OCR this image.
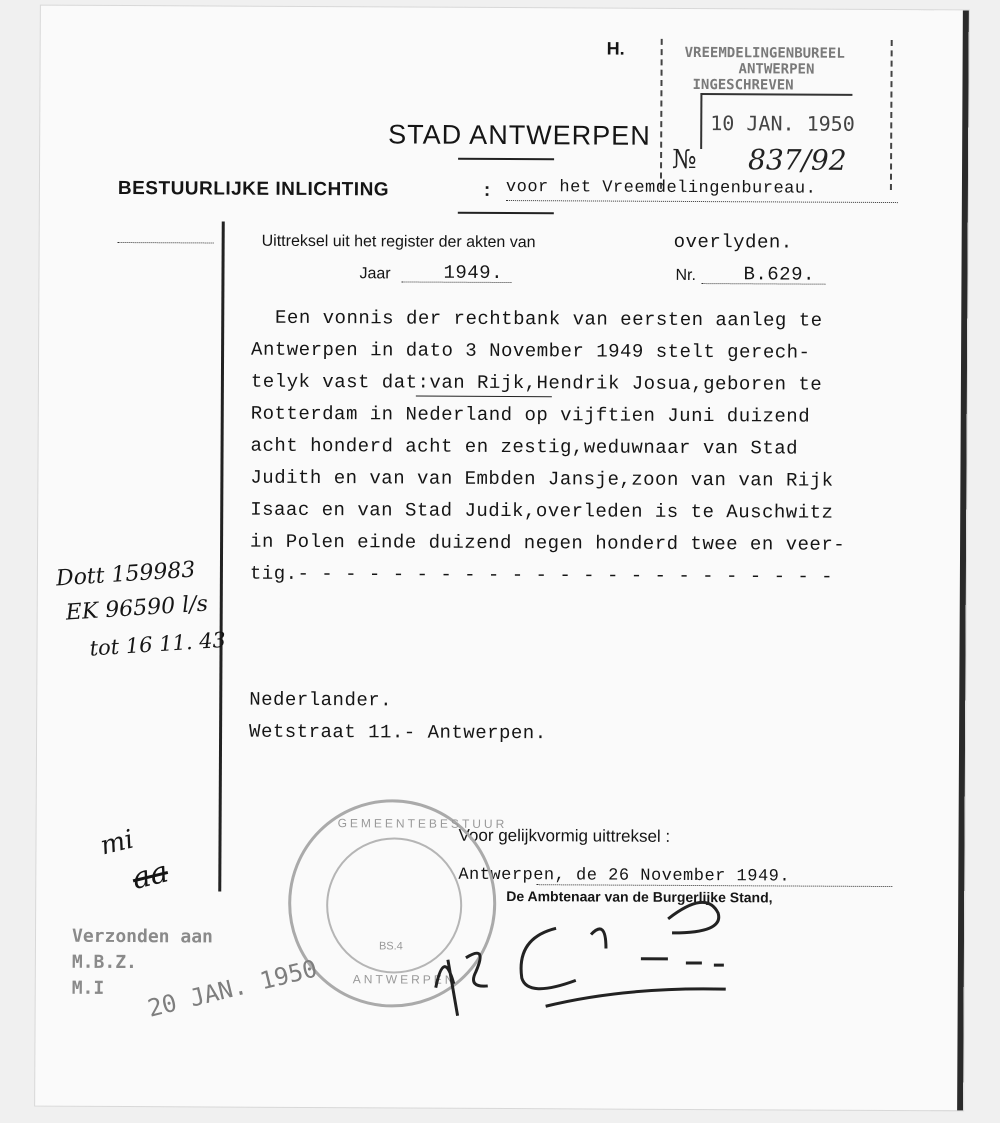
VREEMDELINGENBUREEL
ANTWERPEN
INGESCHREVEN
10 JAN. 1950
№ 837/92
H.
STAD ANTWERPEN
BESTUURLIJKE INLICHTING	: voor het Vreemdelingenbureau.
Uittreksel uit het register der akten van	overlyden.
Jaar	1949.	Nr. B.629.
Een vonnis der rechtbank van eersten aanleg te
Antwerpen in dato 3 November 1949 stelt gerech-
telyk vast dat:van Rijk,Hendrik Josua,geboren te
Rotterdam in Nederland op vijftien Juni duizend
acht honderd acht en zestig,weduwnaar van Stad
Judith en van van Embden Jansje,zoon van van Rijk
Isaac en van Stad Judik,overleden is te Auschwitz
in Polen einde duizend negen honderd twee en veer-
tig.- - - - - - - - - - - - - - - - - - - - - - -
Dott 159983
EK 96590 l/s
tot 16 11. 43
Nederlander.
Wetstraat 11.- Antwerpen.
Voor gelijkvormig uittreksel :
Antwerpen, de 26 November 1949.
De Ambtenaar van de Burgerlijke Stand,
GEMEENTEBESTUUR
BS.4
ANTWERPEN
mi
aa
Verzonden aan
M.B.Z.
M.I 20 JAN. 1950
